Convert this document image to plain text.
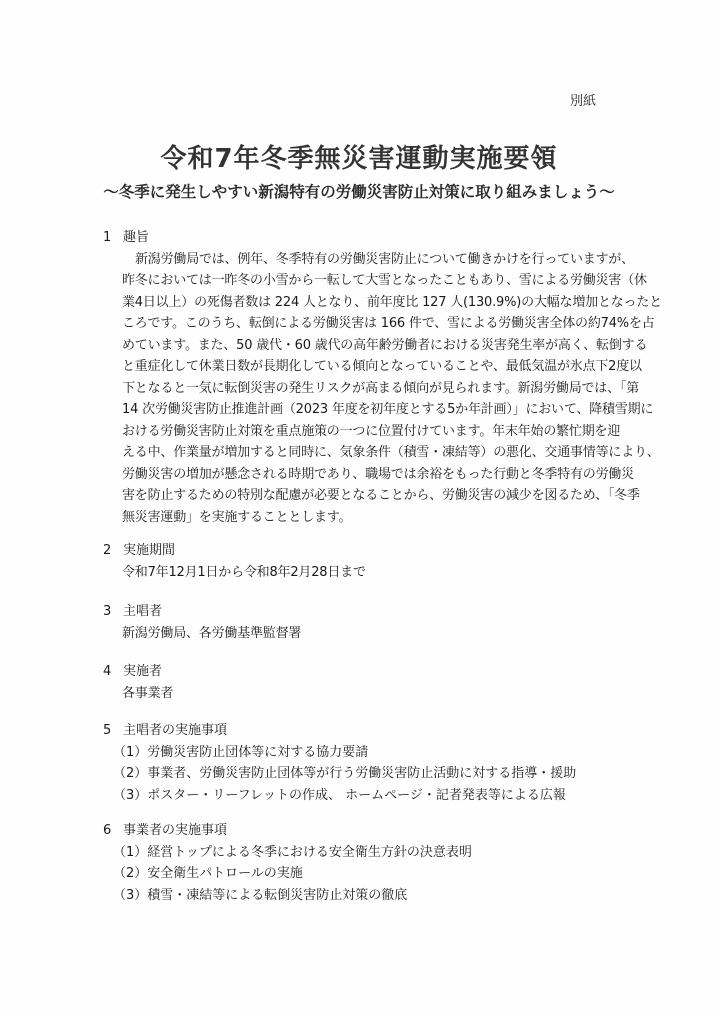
別紙
令和7年冬季無災害運動実施要領
～冬季に発生しやすい新潟特有の労働災害防止対策に取り組みましょう～
1 趣旨
新潟労働局では、例年、冬季特有の労働災害防止について働きかけを行っていますが、
昨冬においては一昨冬の小雪から一転して大雪となったこともあり、雪による労働災害（休
業4日以上）の死傷者数は 224 人となり、前年度比 127 人(130.9%)の大幅な増加となったと
ころです。このうち、転倒による労働災害は 166 件で、雪による労働災害全体の約74%を占
めています。また、50 歳代・60 歳代の高年齢労働者における災害発生率が高く、転倒する
と重症化して休業日数が長期化している傾向となっていることや、最低気温が氷点下2度以
下となると一気に転倒災害の発生リスクが高まる傾向が見られます。新潟労働局では、「第
14 次労働災害防止推進計画（2023 年度を初年度とする5か年計画）」において、降積雪期に
おける労働災害防止対策を重点施策の一つに位置付けています。年末年始の繁忙期を迎
える中、作業量が増加すると同時に、気象条件（積雪・凍結等）の悪化、交通事情等により、
労働災害の増加が懸念される時期であり、職場では余裕をもった行動と冬季特有の労働災
害を防止するための特別な配慮が必要となることから、労働災害の減少を図るため、「冬季
無災害運動」を実施することとします。
2 実施期間
令和7年12月1日から令和8年2月28日まで
3 主唱者
新潟労働局、各労働基準監督署
4 実施者
各事業者
5 主唱者の実施事項
（1）労働災害防止団体等に対する協力要請
（2）事業者、労働災害防止団体等が行う労働災害防止活動に対する指導・援助
（3）ポスター・リーフレットの作成、 ホームページ・記者発表等による広報
6 事業者の実施事項
（1）経営トップによる冬季における安全衛生方針の決意表明
（2）安全衛生パトロールの実施
（3）積雪・凍結等による転倒災害防止対策の徹底
